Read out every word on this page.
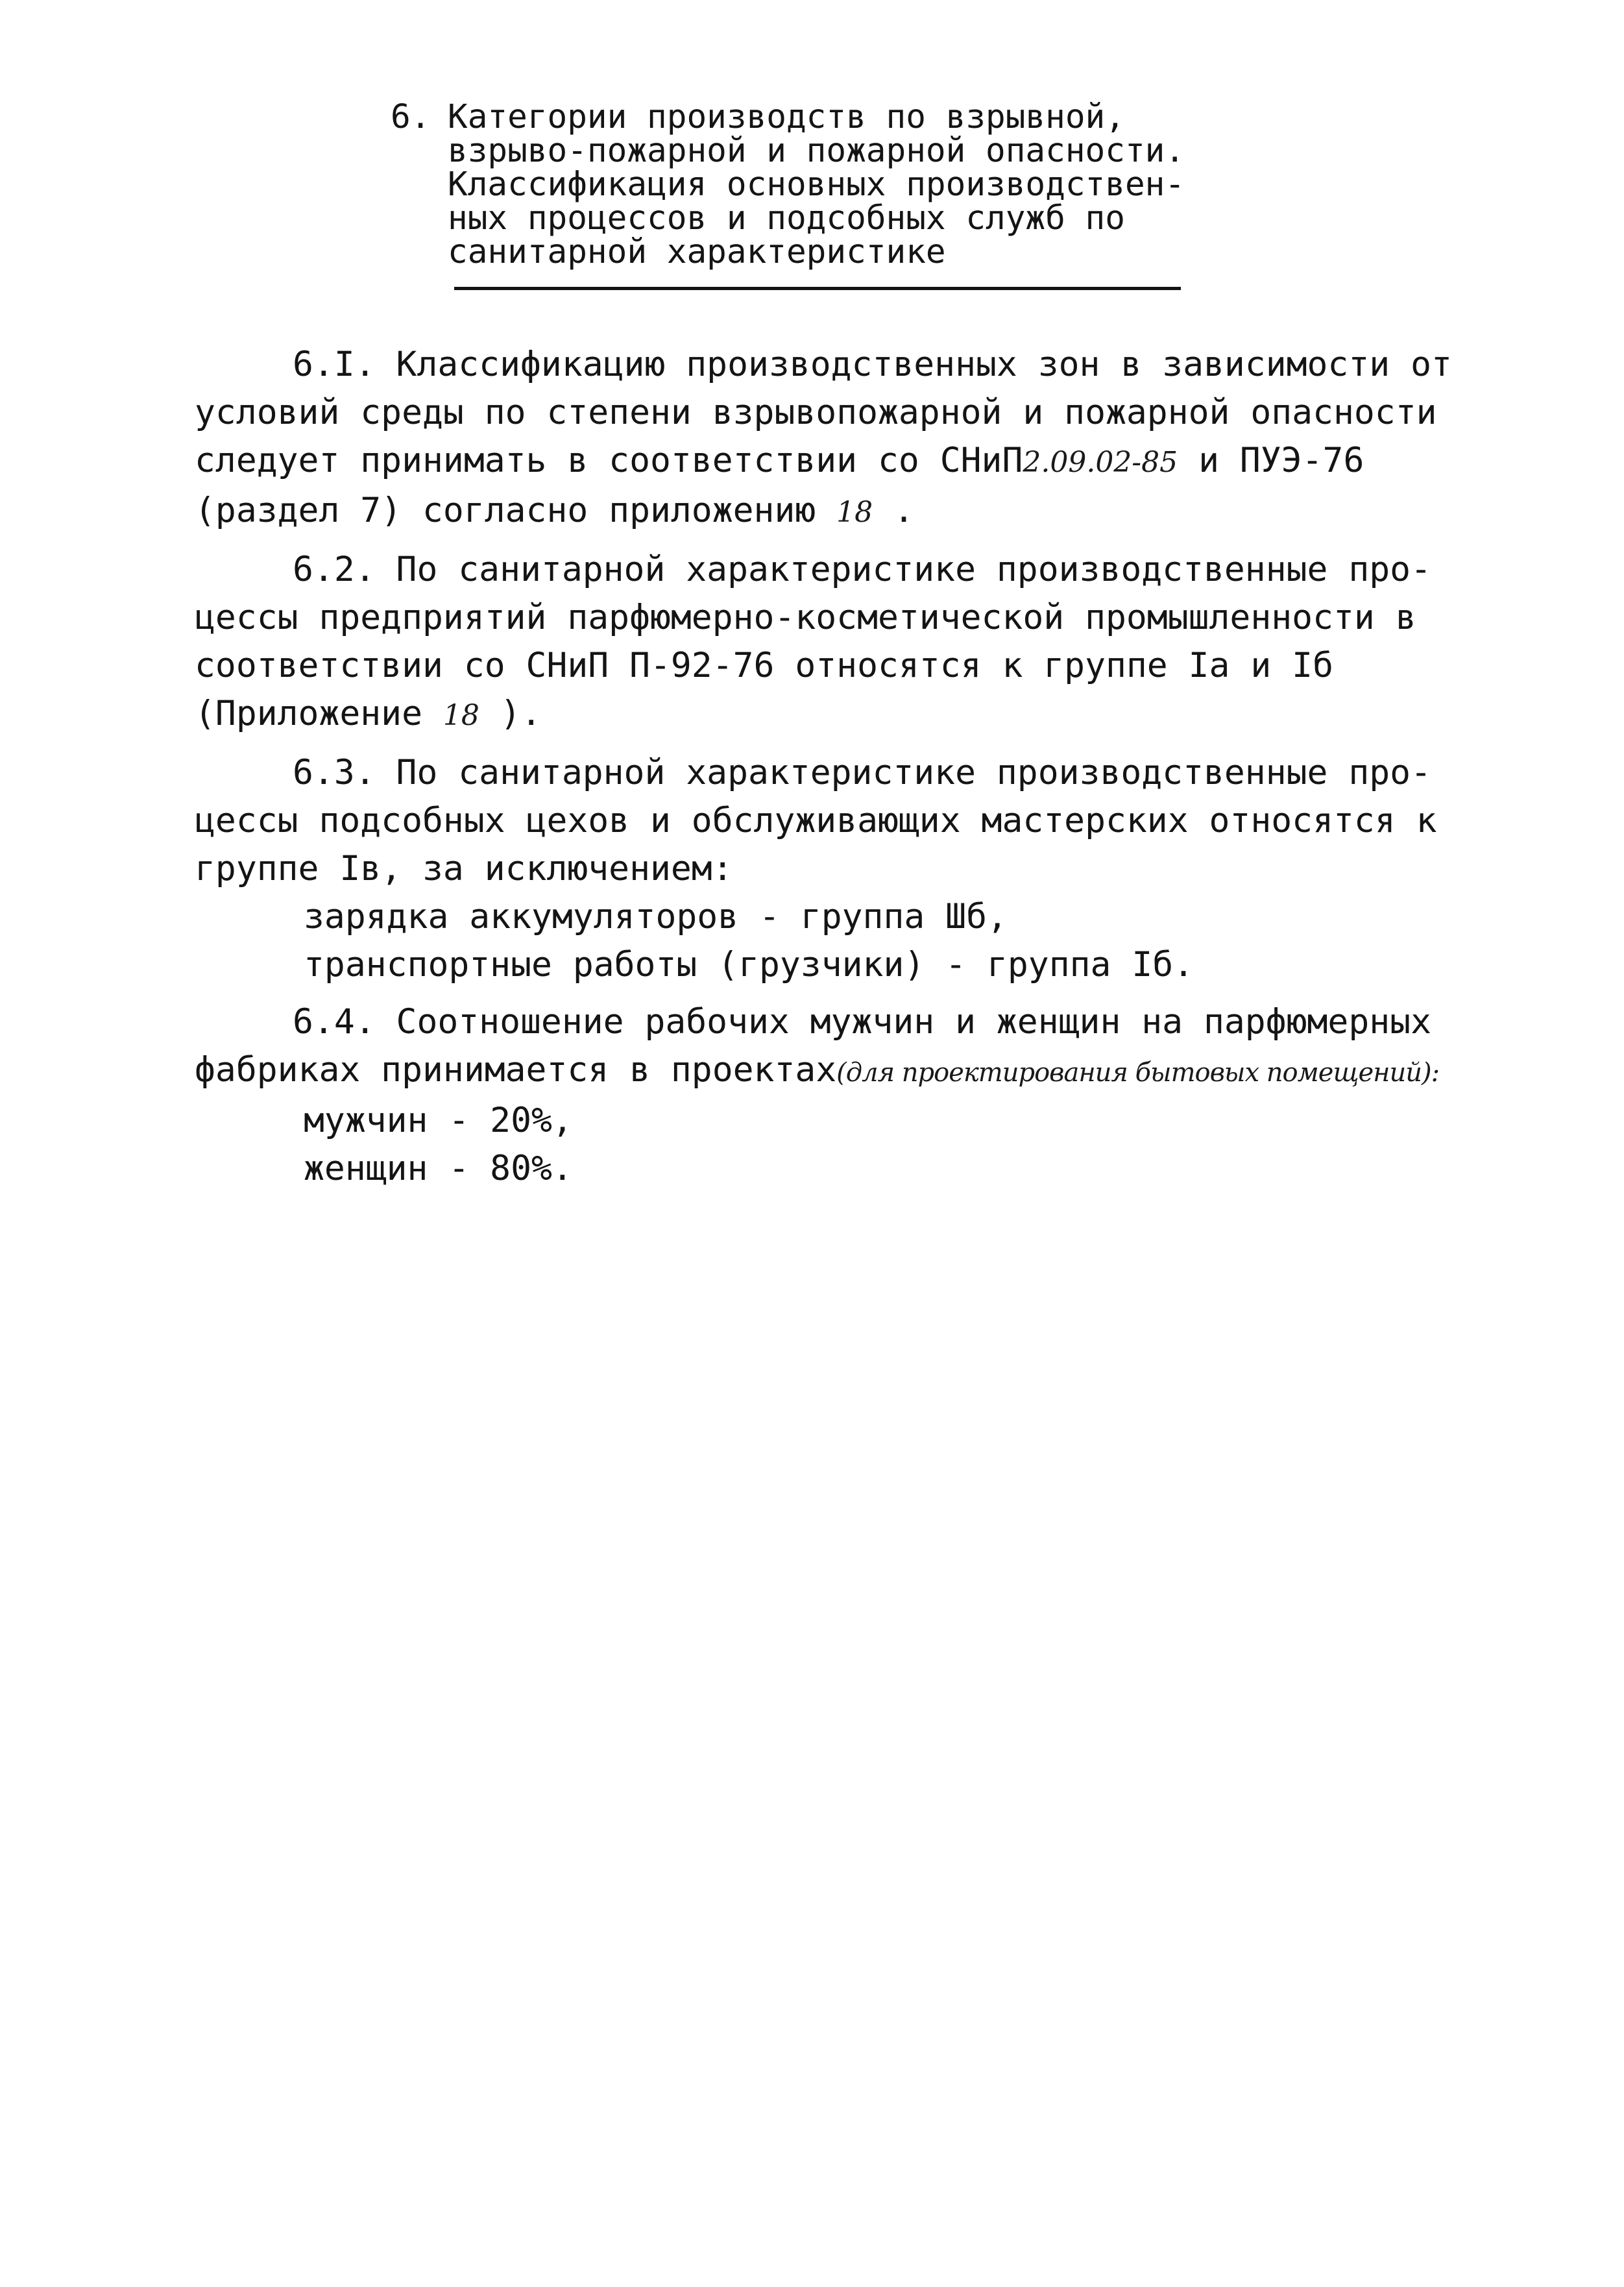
6. Категории производств по взрывной,
взрыво-пожарной и пожарной опасности.
Классификация основных производствен-
ных процессов и подсобных служб по
санитарной характеристике

6.I. Классификацию производственных зон в зависимости от
условий среды по степени взрывопожарной и пожарной опасности
следует принимать в соответствии со СНиП2.09.02-85 и ПУЭ-76
(раздел 7) согласно приложению 18 .

6.2. По санитарной характеристике производственные про-
цессы предприятий парфюмерно-косметической промышленности в
соответствии со СНиП П-92-76 относятся к группе Iа и Iб
(Приложение 18 ).

6.3. По санитарной характеристике производственные про-
цессы подсобных цехов и обслуживающих мастерских относятся к
группе Iв, за исключением:
зарядка аккумуляторов - группа Шб,
транспортные работы (грузчики) - группа Iб.

6.4. Соотношение рабочих мужчин и женщин на парфюмерных
фабриках принимается в проектах(для проектирования бытовых помещений):
мужчин - 20%,
женщин - 80%.
